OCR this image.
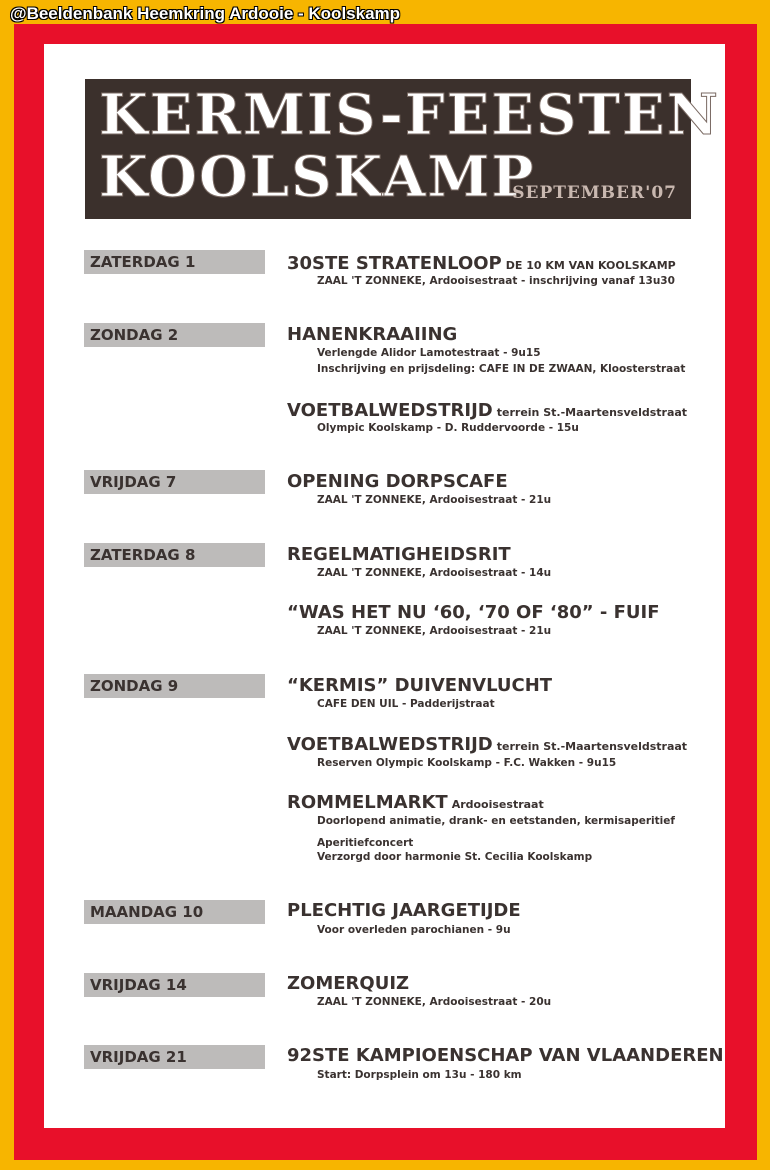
@Beeldenbank Heemkring Ardooie - Koolskamp
KERMIS-FEESTEN
KOOLSKAMP
SEPTEMBER'07
ZATERDAG 1
ZONDAG 2
VRIJDAG 7
ZATERDAG 8
ZONDAG 9
MAANDAG 10
VRIJDAG 14
VRIJDAG 21
30STE STRATENLOOP DE 10 KM VAN KOOLSKAMP
ZAAL 'T ZONNEKE, Ardooisestraat - inschrijving vanaf 13u30
HANENKRAAIING
Verlengde Alidor Lamotestraat - 9u15
Inschrijving en prijsdeling: CAFE IN DE ZWAAN, Kloosterstraat
VOETBALWEDSTRIJD terrein St.-Maartensveldstraat
Olympic Koolskamp - D. Ruddervoorde - 15u
OPENING DORPSCAFE
ZAAL 'T ZONNEKE, Ardooisestraat - 21u
REGELMATIGHEIDSRIT
ZAAL 'T ZONNEKE, Ardooisestraat - 14u
“WAS HET NU ‘60, ‘70 OF ‘80” - FUIF
ZAAL 'T ZONNEKE, Ardooisestraat - 21u
“KERMIS” DUIVENVLUCHT
CAFE DEN UIL - Padderijstraat
VOETBALWEDSTRIJD terrein St.-Maartensveldstraat
Reserven Olympic Koolskamp - F.C. Wakken - 9u15
ROMMELMARKT Ardooisestraat
Doorlopend animatie, drank- en eetstanden, kermisaperitief
Aperitiefconcert
Verzorgd door harmonie St. Cecilia Koolskamp
PLECHTIG JAARGETIJDE
Voor overleden parochianen - 9u
ZOMERQUIZ
ZAAL 'T ZONNEKE, Ardooisestraat - 20u
92STE KAMPIOENSCHAP VAN VLAANDEREN
Start: Dorpsplein om 13u - 180 km
